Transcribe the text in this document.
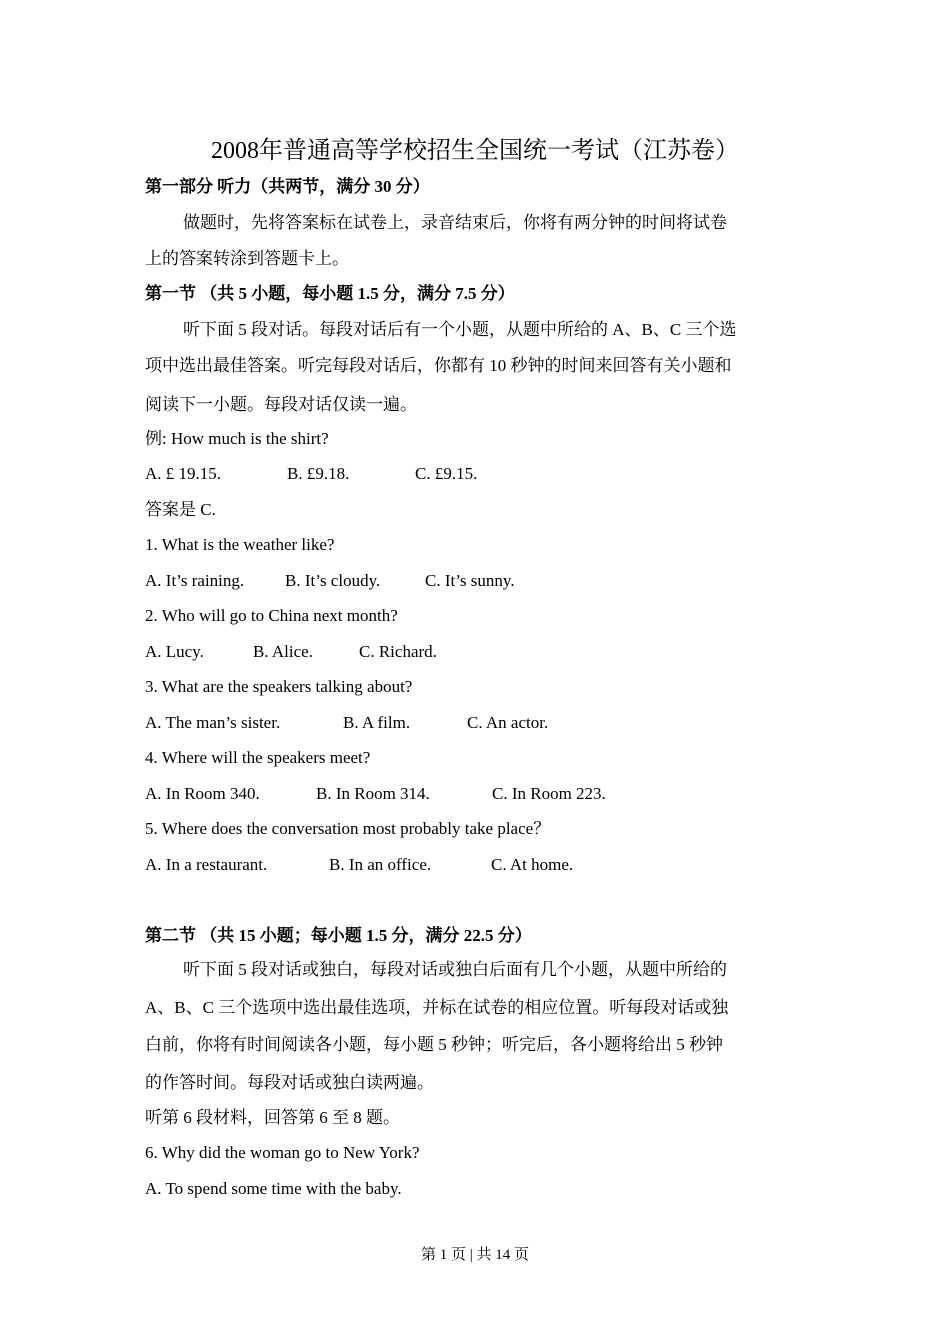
2008年普通高等学校招生全国统一考试（江苏卷）
第一部分 听力（共两节，满分 30 分）
做题时，先将答案标在试卷上，录音结束后，你将有两分钟的时间将试卷
上的答案转涂到答题卡上。
第一节 （共 5 小题，每小题 1.5 分，满分 7.5 分）
听下面 5 段对话。每段对话后有一个小题，从题中所给的 A、B、C 三个选
项中选出最佳答案。听完每段对话后，你都有 10 秒钟的时间来回答有关小题和
阅读下一小题。每段对话仅读一遍。
例: How much is the shirt?
A. £ 19.15.	B. £9.18.	C. £9.15.
答案是 C.
1. What is the weather like?
A. It’s raining. B. It’s cloudy.	C. It’s sunny.
2. Who will go to China next month?
A. Lucy.	B. Alice.	C. Richard.
3. What are the speakers talking about?
A. The man’s sister.	B. A film.	C. An actor.
4. Where will the speakers meet?
A. In Room 340.	B. In Room 314.	C. In Room 223.
5. Where does the conversation most probably take place？
A. In a restaurant.	B. In an office.	C. At home.
第二节 （共 15 小题；每小题 1.5 分，满分 22.5 分）
听下面 5 段对话或独白，每段对话或独白后面有几个小题，从题中所给的
A、B、C 三个选项中选出最佳选项，并标在试卷的相应位置。听每段对话或独
白前，你将有时间阅读各小题，每小题 5 秒钟；听完后，各小题将给出 5 秒钟
的作答时间。每段对话或独白读两遍。
听第 6 段材料，回答第 6 至 8 题。
6. Why did the woman go to New York?
A. To spend some time with the baby.
第 1 页 | 共 14 页
